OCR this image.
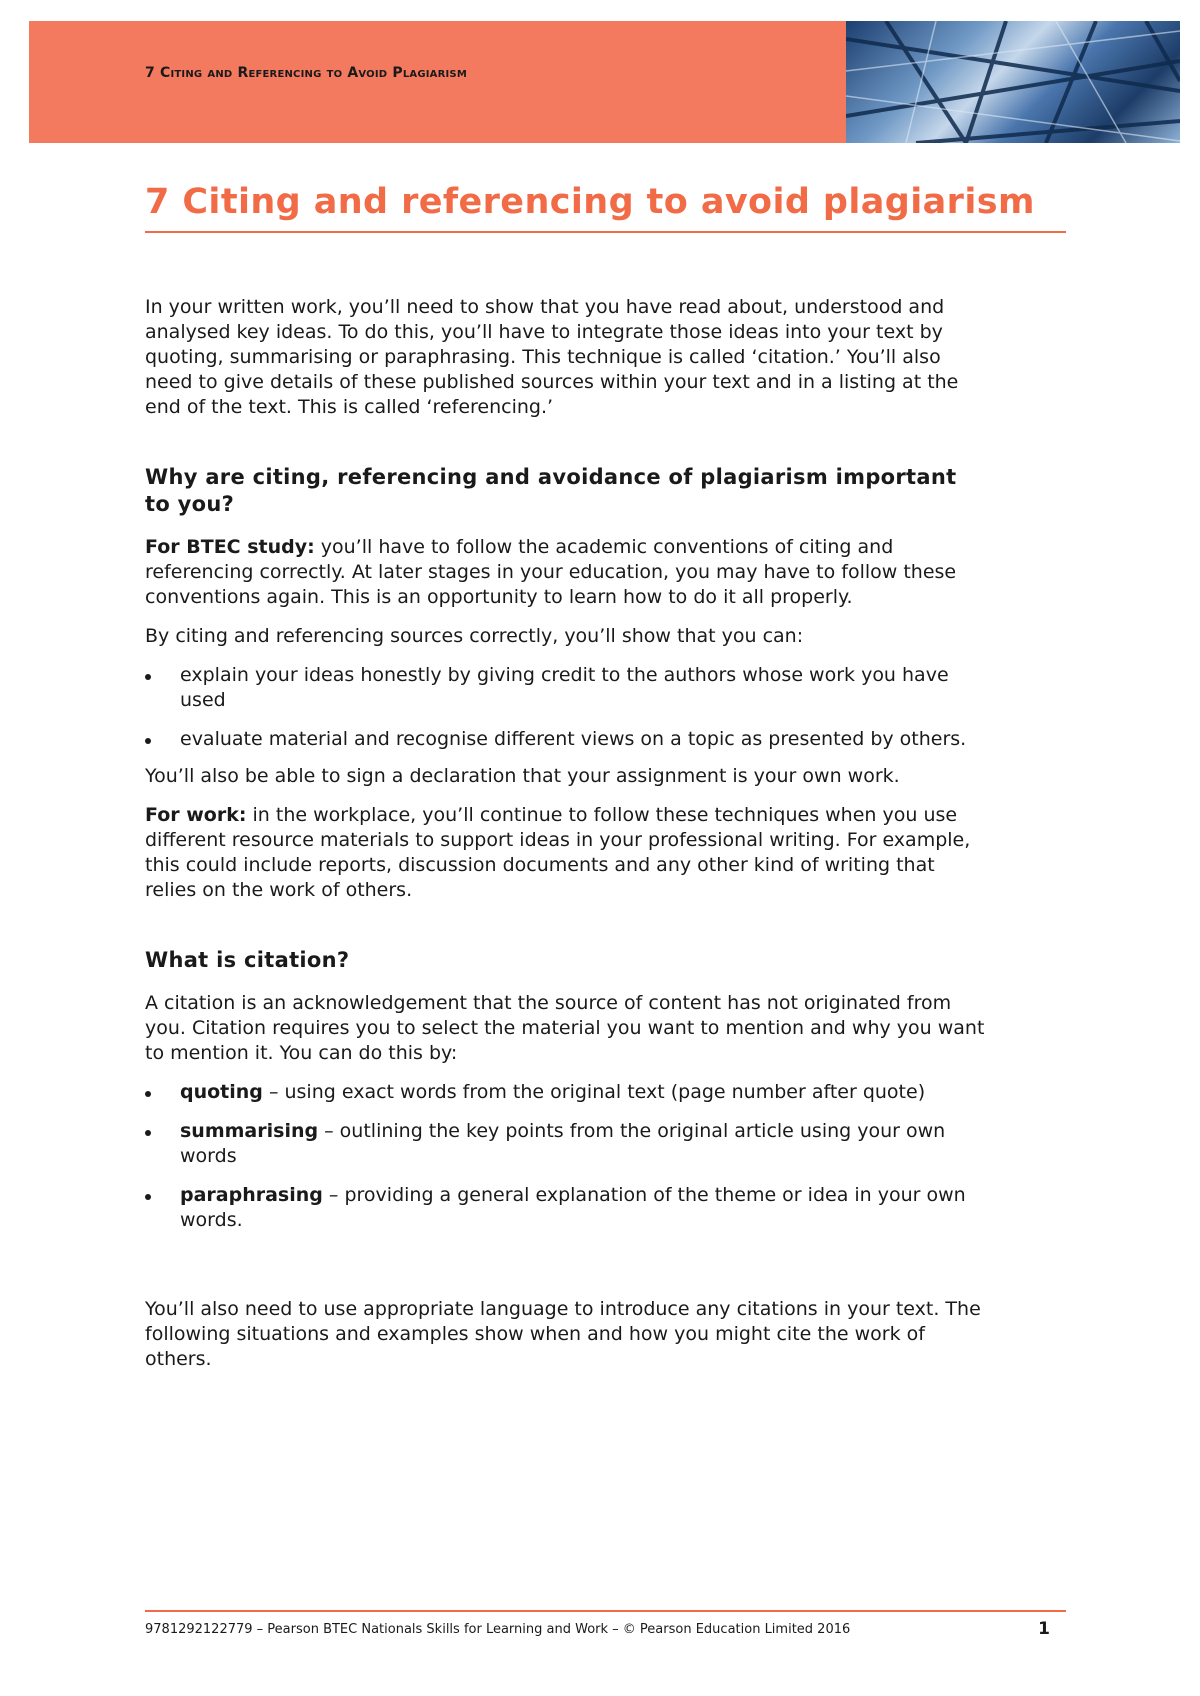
7 Citing and Referencing to Avoid Plagiarism
7 Citing and referencing to avoid plagiarism

In your written work, you’ll need to show that you have read about, understood and analysed key ideas. To do this, you’ll have to integrate those ideas into your text by quoting, summarising or paraphrasing. This technique is called ‘citation.’ You’ll also need to give details of these published sources within your text and in a listing at the end of the text. This is called ‘referencing.’

Why are citing, referencing and avoidance of plagiarism important to you?

For BTEC study: you’ll have to follow the academic conventions of citing and referencing correctly. At later stages in your education, you may have to follow these conventions again. This is an opportunity to learn how to do it all properly.

By citing and referencing sources correctly, you’ll show that you can:

explain your ideas honestly by giving credit to the authors whose work you have used
evaluate material and recognise different views on a topic as presented by others.

You’ll also be able to sign a declaration that your assignment is your own work.

For work: in the workplace, you’ll continue to follow these techniques when you use different resource materials to support ideas in your professional writing. For example, this could include reports, discussion documents and any other kind of writing that relies on the work of others.

What is citation?

A citation is an acknowledgement that the source of content has not originated from you. Citation requires you to select the material you want to mention and why you want to mention it. You can do this by:

quoting – using exact words from the original text (page number after quote)
summarising – outlining the key points from the original article using your own words
paraphrasing – providing a general explanation of the theme or idea in your own words.

You’ll also need to use appropriate language to introduce any citations in your text. The following situations and examples show when and how you might cite the work of others.

9781292122779 – Pearson BTEC Nationals Skills for Learning and Work – © Pearson Education Limited 2016	1
